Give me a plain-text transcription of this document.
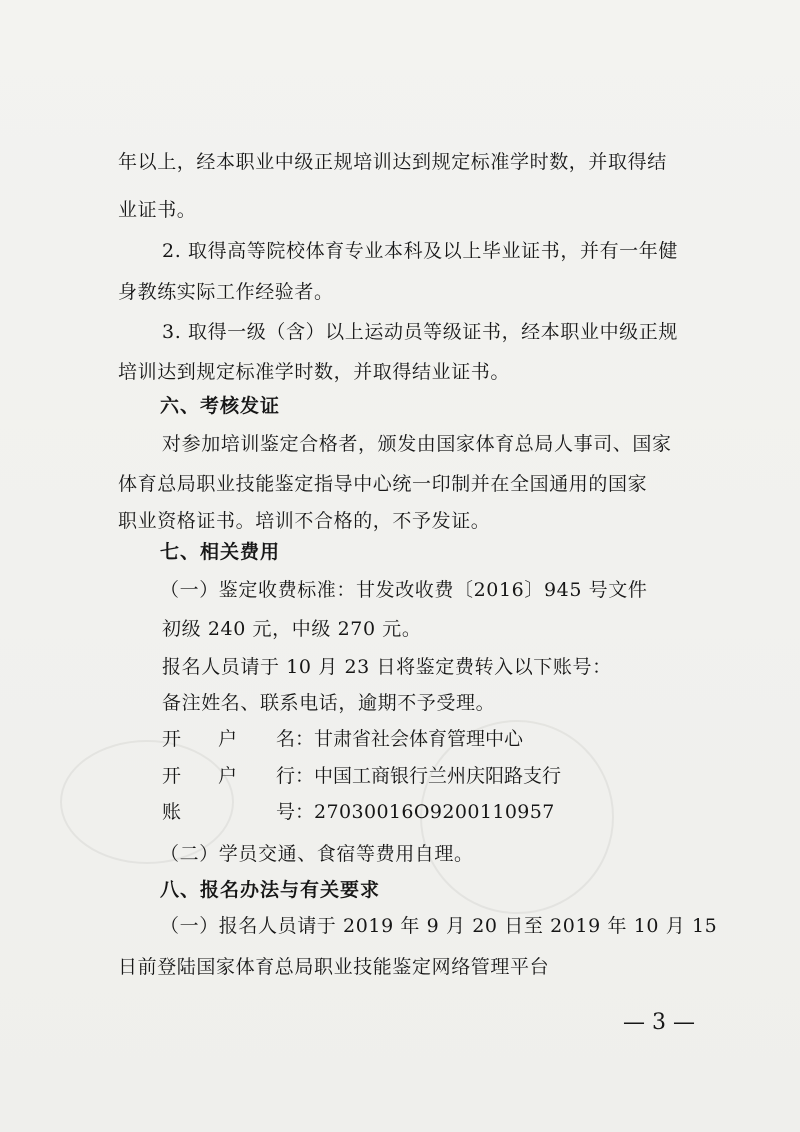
年以上，经本职业中级正规培训达到规定标准学时数，并取得结
业证书。
2. 取得高等院校体育专业本科及以上毕业证书，并有一年健
身教练实际工作经验者。
3. 取得一级（含）以上运动员等级证书，经本职业中级正规
培训达到规定标准学时数，并取得结业证书。
六、考核发证
对参加培训鉴定合格者，颁发由国家体育总局人事司、国家
体育总局职业技能鉴定指导中心统一印制并在全国通用的国家
职业资格证书。培训不合格的，不予发证。
七、相关费用
（一）鉴定收费标准：甘发改收费〔2016〕945 号文件
初级 240 元，中级 270 元。
报名人员请于 10 月 23 日将鉴定费转入以下账号：
备注姓名、联系电话，逾期不予受理。
开 户 名： 甘肃省社会体育管理中心
开 户 行： 中国工商银行兰州庆阳路支行
账	号： 27030016O9200110957
（二）学员交通、食宿等费用自理。
八、报名办法与有关要求
（一）报名人员请于 2019 年 9 月 20 日至 2019 年 10 月 15
日前登陆国家体育总局职业技能鉴定网络管理平台
— 3 —
